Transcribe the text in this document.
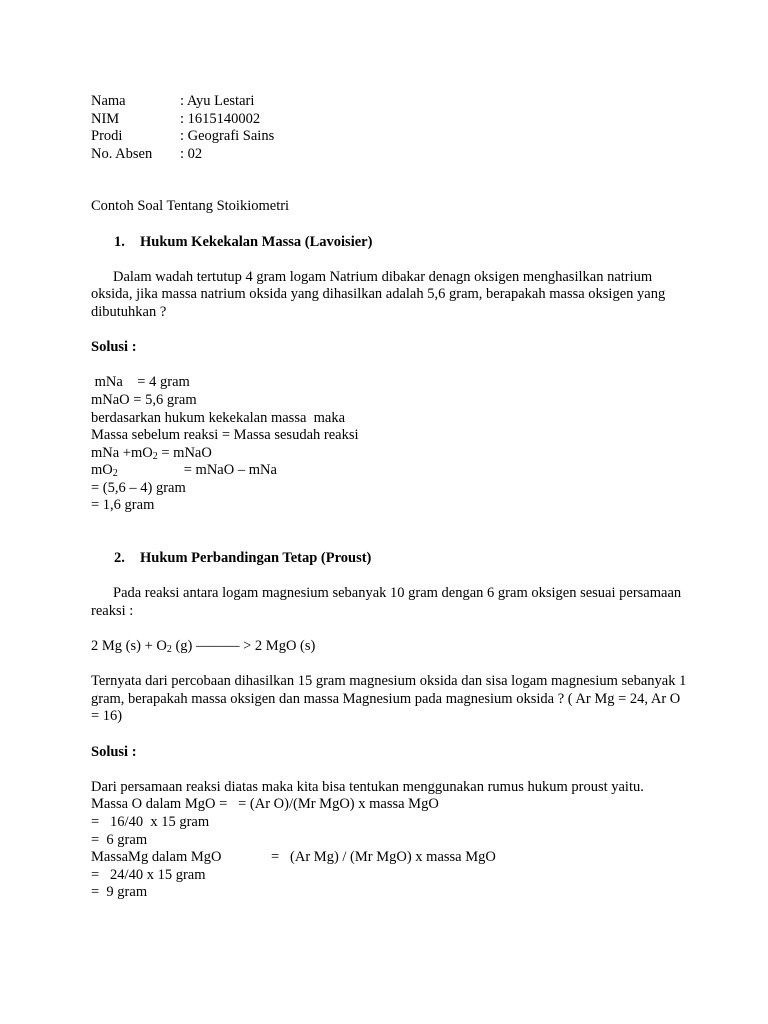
Nama	: Ayu Lestari
NIM	: 1615140002
Prodi	: Geografi Sains
No. Absen	: 02
Contoh Soal Tentang Stoikiometri
1. Hukum Kekekalan Massa (Lavoisier)
Dalam wadah tertutup 4 gram logam Natrium dibakar denagn oksigen menghasilkan natrium oksida, jika massa natrium oksida yang dihasilkan adalah 5,6 gram, berapakah massa oksigen yang dibutuhkan ?
Solusi :
mNa    = 4 gram
mNaO = 5,6 gram
berdasarkan hukum kekekalan massa  maka
Massa sebelum reaksi = Massa sesudah reaksi
mNa $+mO_2$ = mNaO
$mO_2$	= mNaO – mNa
= (5,6 – 4) gram
= 1,6 gram
2. Hukum Perbandingan Tetap (Proust)
Pada reaksi antara logam magnesium sebanyak 10 gram dengan 6 gram oksigen sesuai persamaan reaksi :
2 Mg $(s) + O_2$ (g) ——— > 2 MgO (s)
Ternyata dari percobaan dihasilkan 15 gram magnesium oksida dan sisa logam magnesium sebanyak 1 gram, berapakah massa oksigen dan massa Magnesium pada magnesium oksida ? ( Ar Mg = 24, Ar O = 16)
Solusi :
Dari persamaan reaksi diatas maka kita bisa tentukan menggunakan rumus hukum proust yaitu.
Massa O dalam MgO =   = (Ar O)/(Mr MgO) x massa MgO
=   16/40  x 15 gram
=  6 gram
MassaMg dalam MgO	=   (Ar Mg) / (Mr MgO) x massa MgO
=   24/40 x 15 gram
=  9 gram
